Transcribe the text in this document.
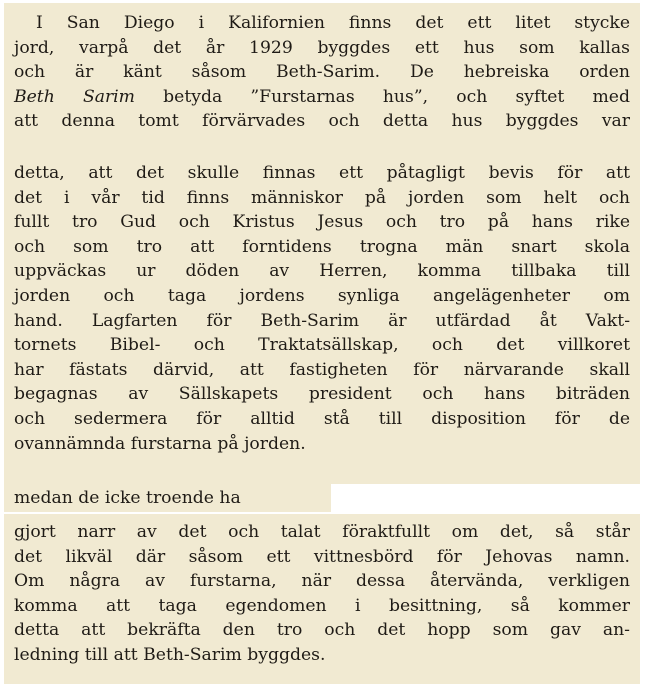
I San Diego i Kalifornien finns det ett litet stycke
jord, varpå det år 1929 byggdes ett hus som kallas
och är känt såsom Beth-Sarim. De hebreiska orden
Beth Sarim betyda ”Furstarnas hus”, och syftet med
att denna tomt förvärvades och detta hus byggdes var
detta, att det skulle finnas ett påtagligt bevis för att
det i vår tid finns människor på jorden som helt och
fullt tro Gud och Kristus Jesus och tro på hans rike
och som tro att forntidens trogna män snart skola
uppväckas ur döden av Herren, komma tillbaka till
jorden och taga jordens synliga angelägenheter om
hand. Lagfarten för Beth-Sarim är utfärdad åt Vakt-
tornets Bibel- och Traktatsällskap, och det villkoret
har fästats därvid, att fastigheten för närvarande skall
begagnas av Sällskapets president och hans biträden
och sedermera för alltid stå till disposition för de
ovannämnda furstarna på jorden.
medan de icke troende ha
gjort narr av det och talat föraktfullt om det, så står
det likväl där såsom ett vittnesbörd för Jehovas namn.
Om några av furstarna, när dessa återvända, verkligen
komma att taga egendomen i besittning, så kommer
detta att bekräfta den tro och det hopp som gav an-
ledning till att Beth-Sarim byggdes.
